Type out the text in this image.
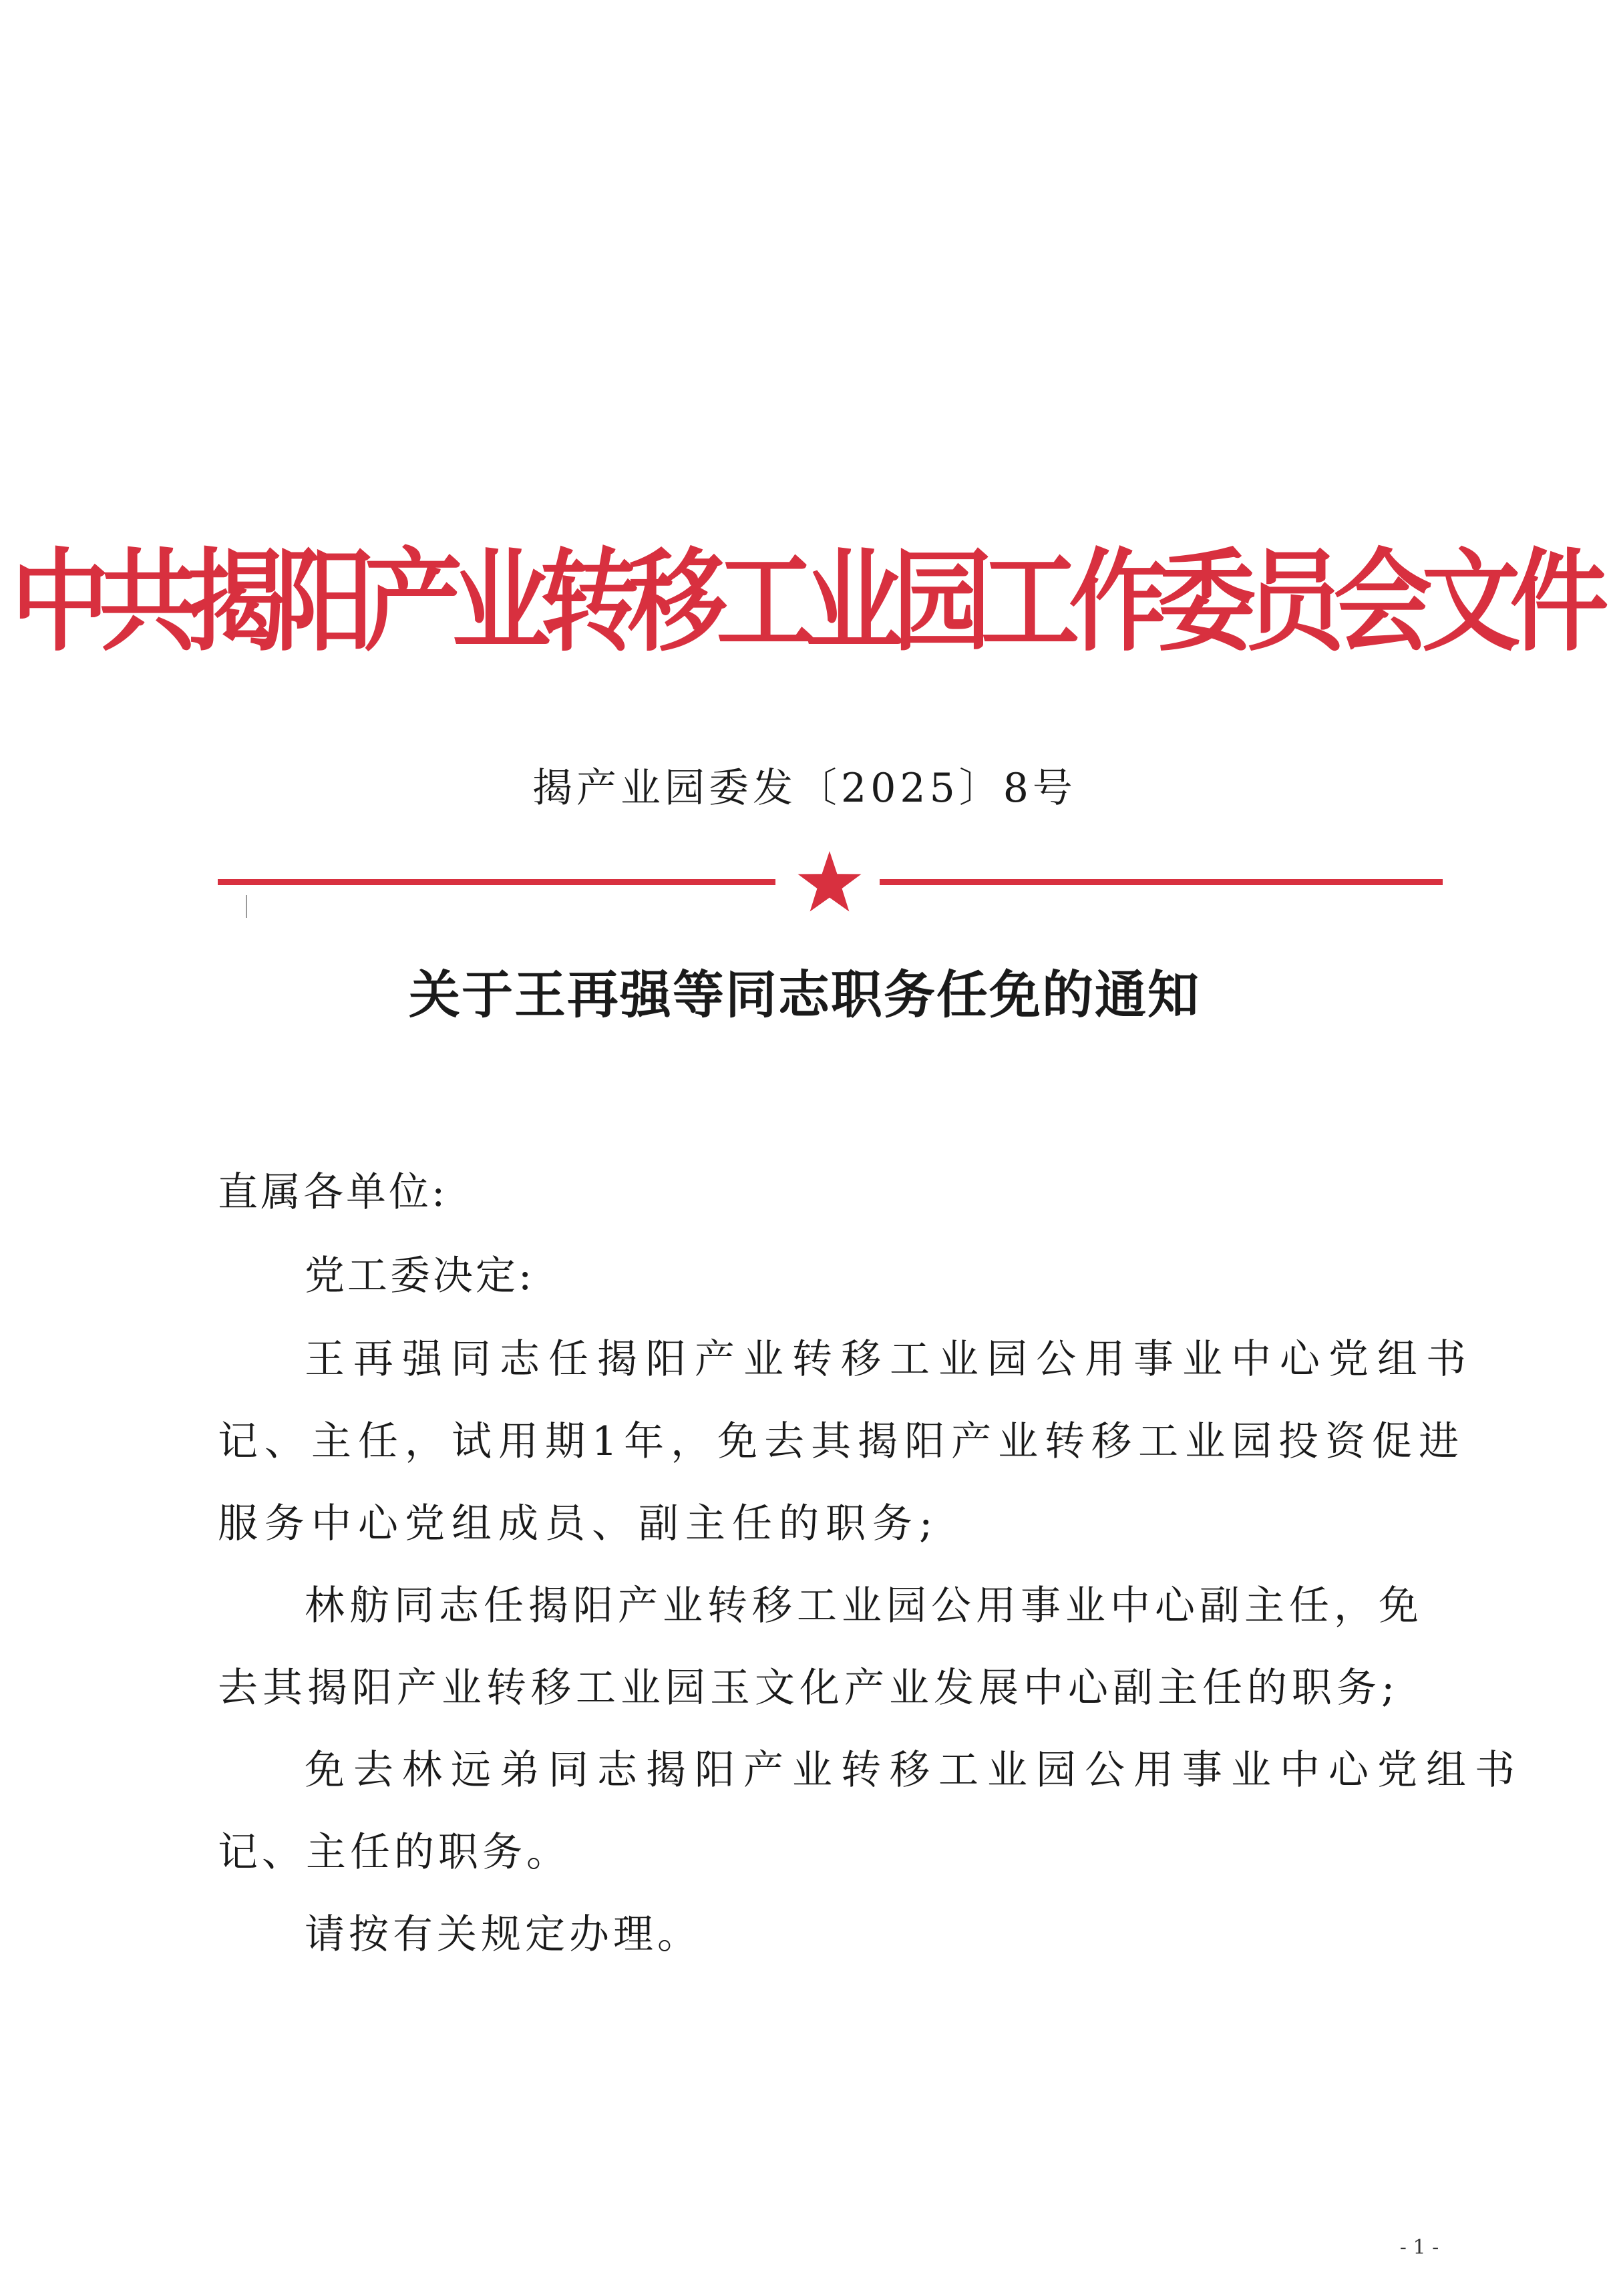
中共揭阳产业转移工业园工作委员会文件
揭产业园委发〔2025〕8号
关于王再强等同志职务任免的通知
直属各单位:
党工委决定:
王再强同志任揭阳产业转移工业园公用事业中心党组书
记、主任，试用期1年，免去其揭阳产业转移工业园投资促进
服务中心党组成员、副主任的职务;
林舫同志任揭阳产业转移工业园公用事业中心副主任，免
去其揭阳产业转移工业园玉文化产业发展中心副主任的职务;
免去林远弟同志揭阳产业转移工业园公用事业中心党组书
记、主任的职务。
请按有关规定办理。
- 1 -
